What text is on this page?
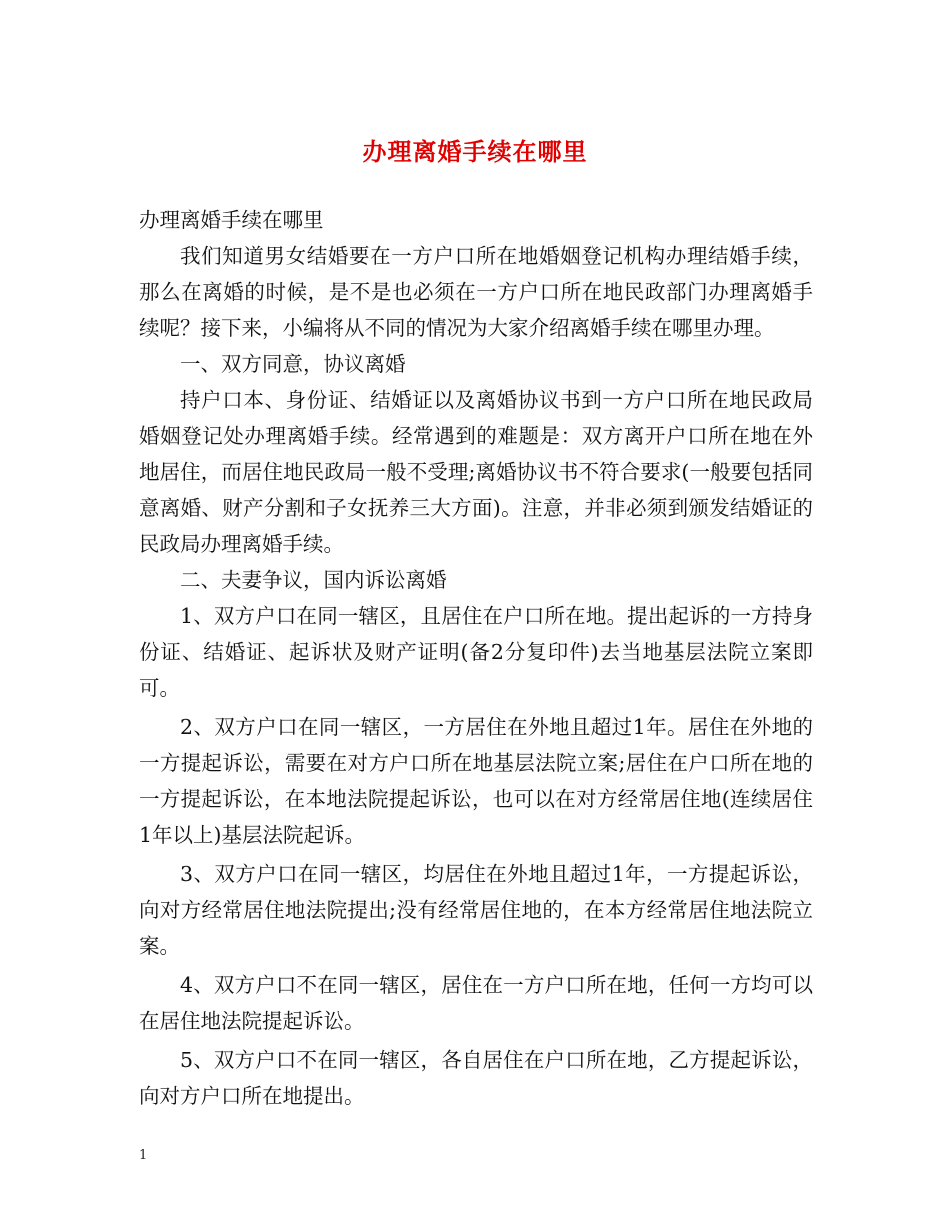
办理离婚手续在哪里

办理离婚手续在哪里

我们知道男女结婚要在一方户口所在地婚姻登记机构办理结婚手续，那么在离婚的时候，是不是也必须在一方户口所在地民政部门办理离婚手续呢？接下来，小编将从不同的情况为大家介绍离婚手续在哪里办理。

一、双方同意，协议离婚

持户口本、身份证、结婚证以及离婚协议书到一方户口所在地民政局婚姻登记处办理离婚手续。经常遇到的难题是：双方离开户口所在地在外地居住，而居住地民政局一般不受理;离婚协议书不符合要求(一般要包括同意离婚、财产分割和子女抚养三大方面)。注意，并非必须到颁发结婚证的民政局办理离婚手续。

二、夫妻争议，国内诉讼离婚

1、双方户口在同一辖区，且居住在户口所在地。提出起诉的一方持身份证、结婚证、起诉状及财产证明(备2分复印件)去当地基层法院立案即可。

2、双方户口在同一辖区，一方居住在外地且超过1年。居住在外地的一方提起诉讼，需要在对方户口所在地基层法院立案;居住在户口所在地的一方提起诉讼，在本地法院提起诉讼，也可以在对方经常居住地(连续居住1年以上)基层法院起诉。

3、双方户口在同一辖区，均居住在外地且超过1年，一方提起诉讼，向对方经常居住地法院提出;没有经常居住地的，在本方经常居住地法院立案。

4、双方户口不在同一辖区，居住在一方户口所在地，任何一方均可以在居住地法院提起诉讼。

5、双方户口不在同一辖区，各自居住在户口所在地，乙方提起诉讼，向对方户口所在地提出。

1
